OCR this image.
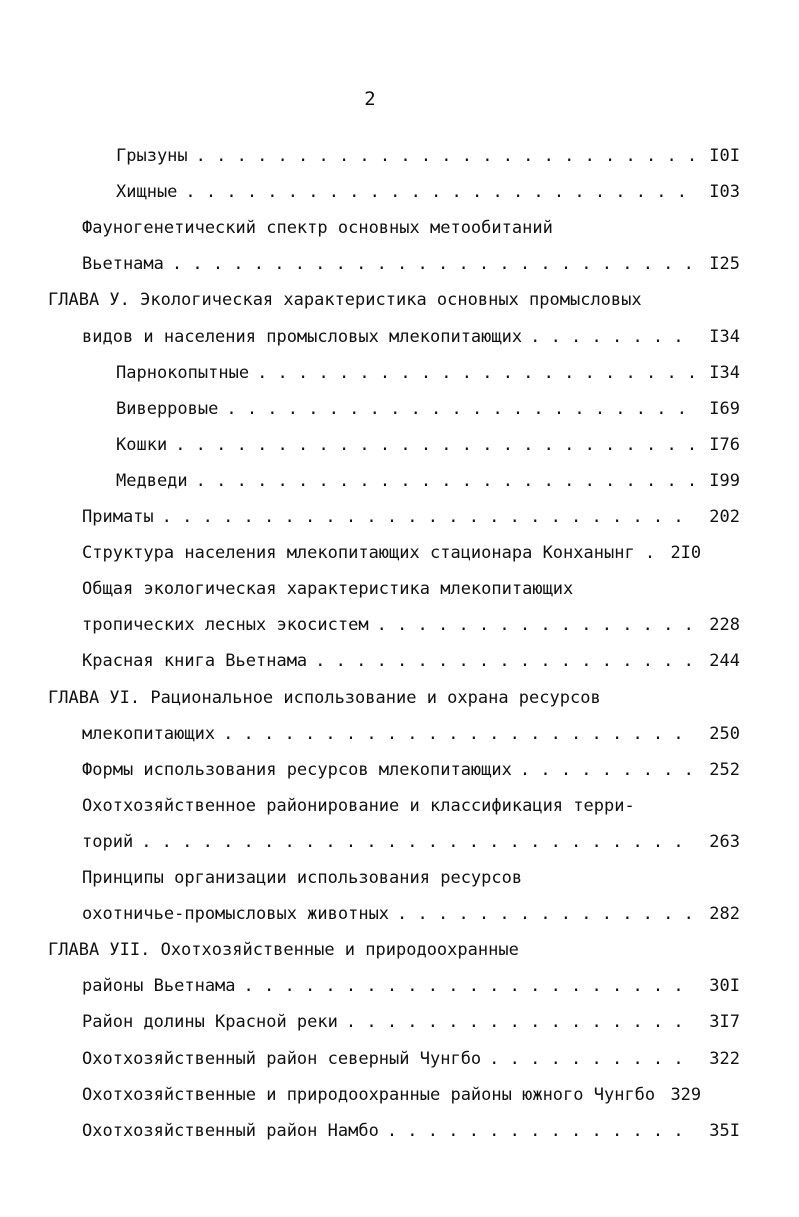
2
Грызуны . . .	I0I
Хищные . . .	I03
Фауногенетический спектр основных метообитаний
Вьетнама . . .	I25
ГЛАВА У. Экологическая характеристика основных промысловых
видов и населения промысловых млекопитающих . . .	I34
Парнокопытные . . .	I34
Виверровые . . .	I69
Кошки . . .	I76
Медведи . . .	I99
Приматы . . .	202
Структура населения млекопитающих стационара Конханынг . 2I0
Общая экологическая характеристика млекопитающих
тропических лесных экосистем . . .	228
Красная книга Вьетнама . . .	244
ГЛАВА УI. Рациональное использование и охрана ресурсов
млекопитающих . . .	250
Формы использования ресурсов млекопитающих . . .	252
Охотхозяйственное районирование и классификация терри-
торий . . .	263
Принципы организации использования ресурсов
охотничье-промысловых животных . . .	282
ГЛАВА УII. Охотхозяйственные и природоохранные
районы Вьетнама . . .	30I
Район долины Красной реки . . .	3I7
Охотхозяйственный район северный Чунгбо . . .	322
Охотхозяйственные и природоохранные районы южного Чунгбо 329
Охотхозяйственный район Намбо . . .	35I
